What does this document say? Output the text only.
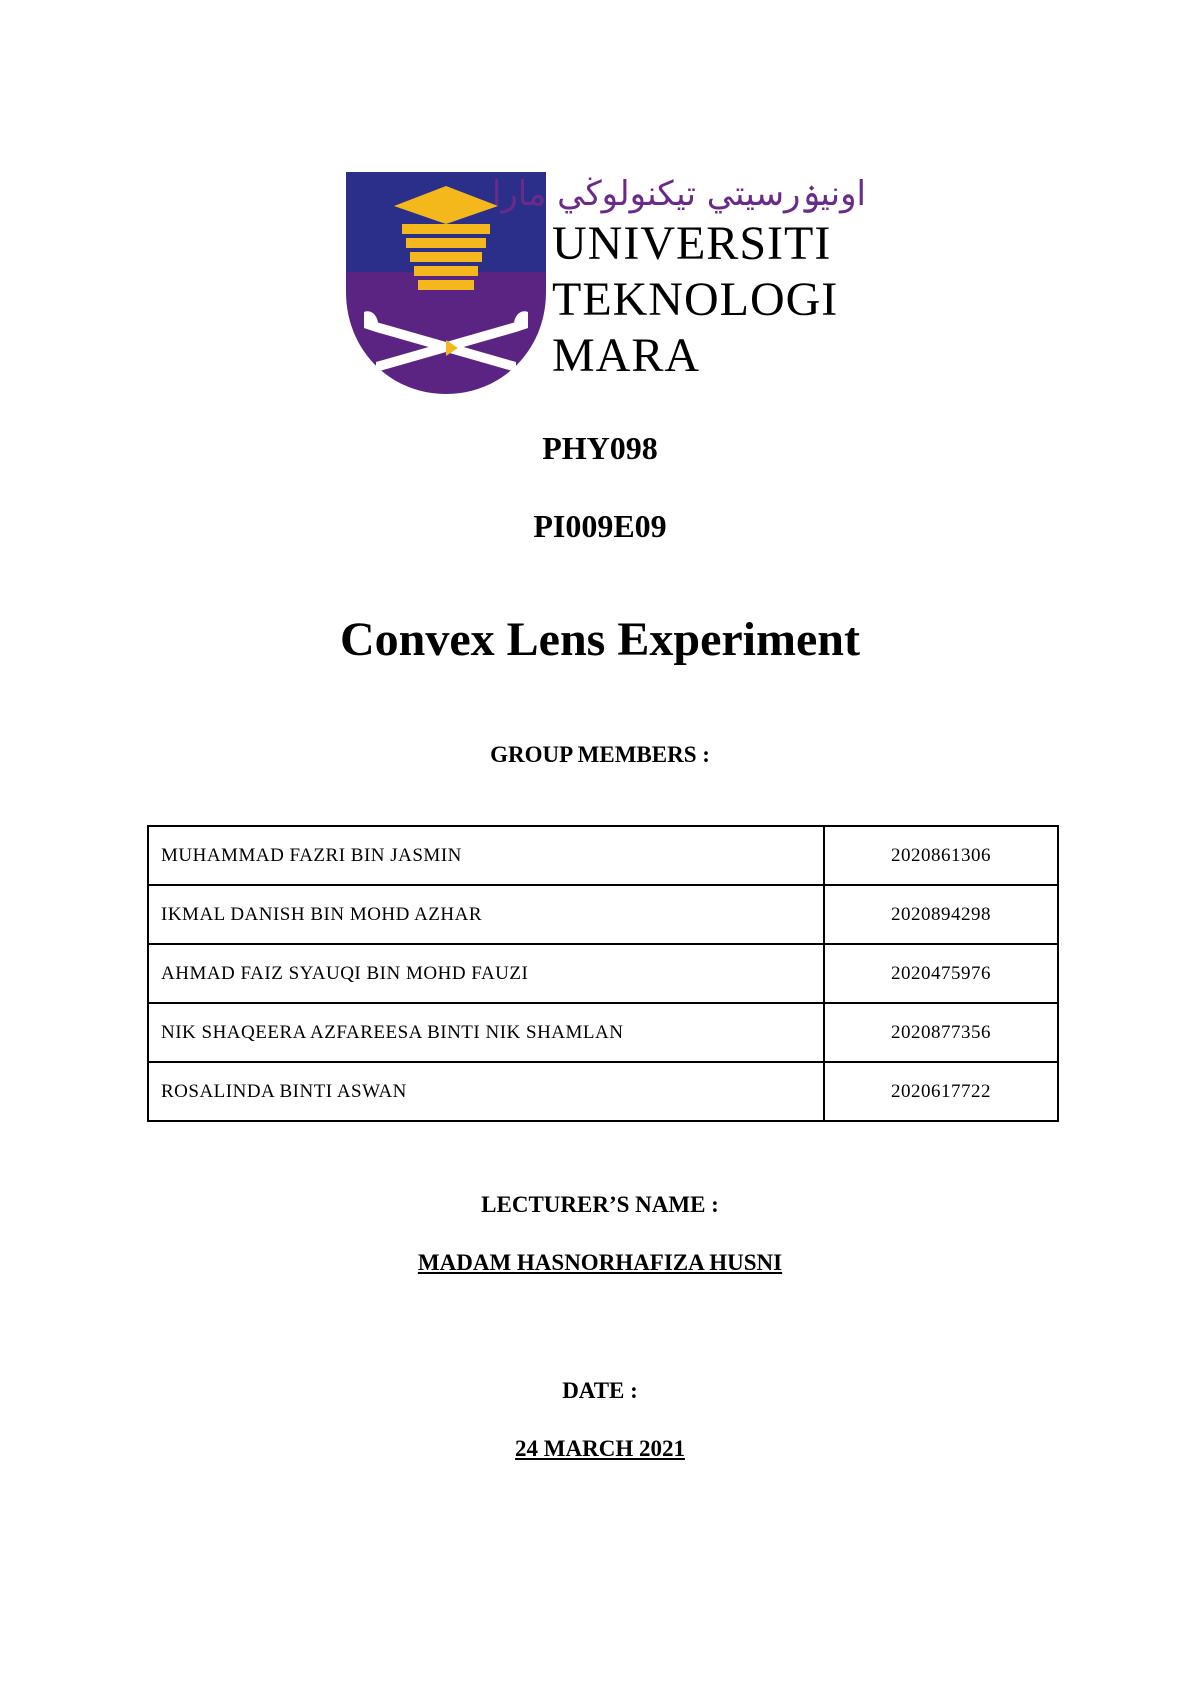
اونيۏرسيتي تيكنولوڬي مارا
UNIVERSITI
TEKNOLOGI
MARA
PHY098
PI009E09
Convex Lens Experiment
GROUP MEMBERS :
MUHAMMAD FAZRI BIN JASMIN	2020861306
IKMAL DANISH BIN MOHD AZHAR	2020894298
AHMAD FAIZ SYAUQI BIN MOHD FAUZI	2020475976
NIK SHAQEERA AZFAREESA BINTI NIK SHAMLAN	2020877356
ROSALINDA BINTI ASWAN	2020617722
LECTURER’S NAME :
MADAM HASNORHAFIZA HUSNI
DATE :
24 MARCH 2021
